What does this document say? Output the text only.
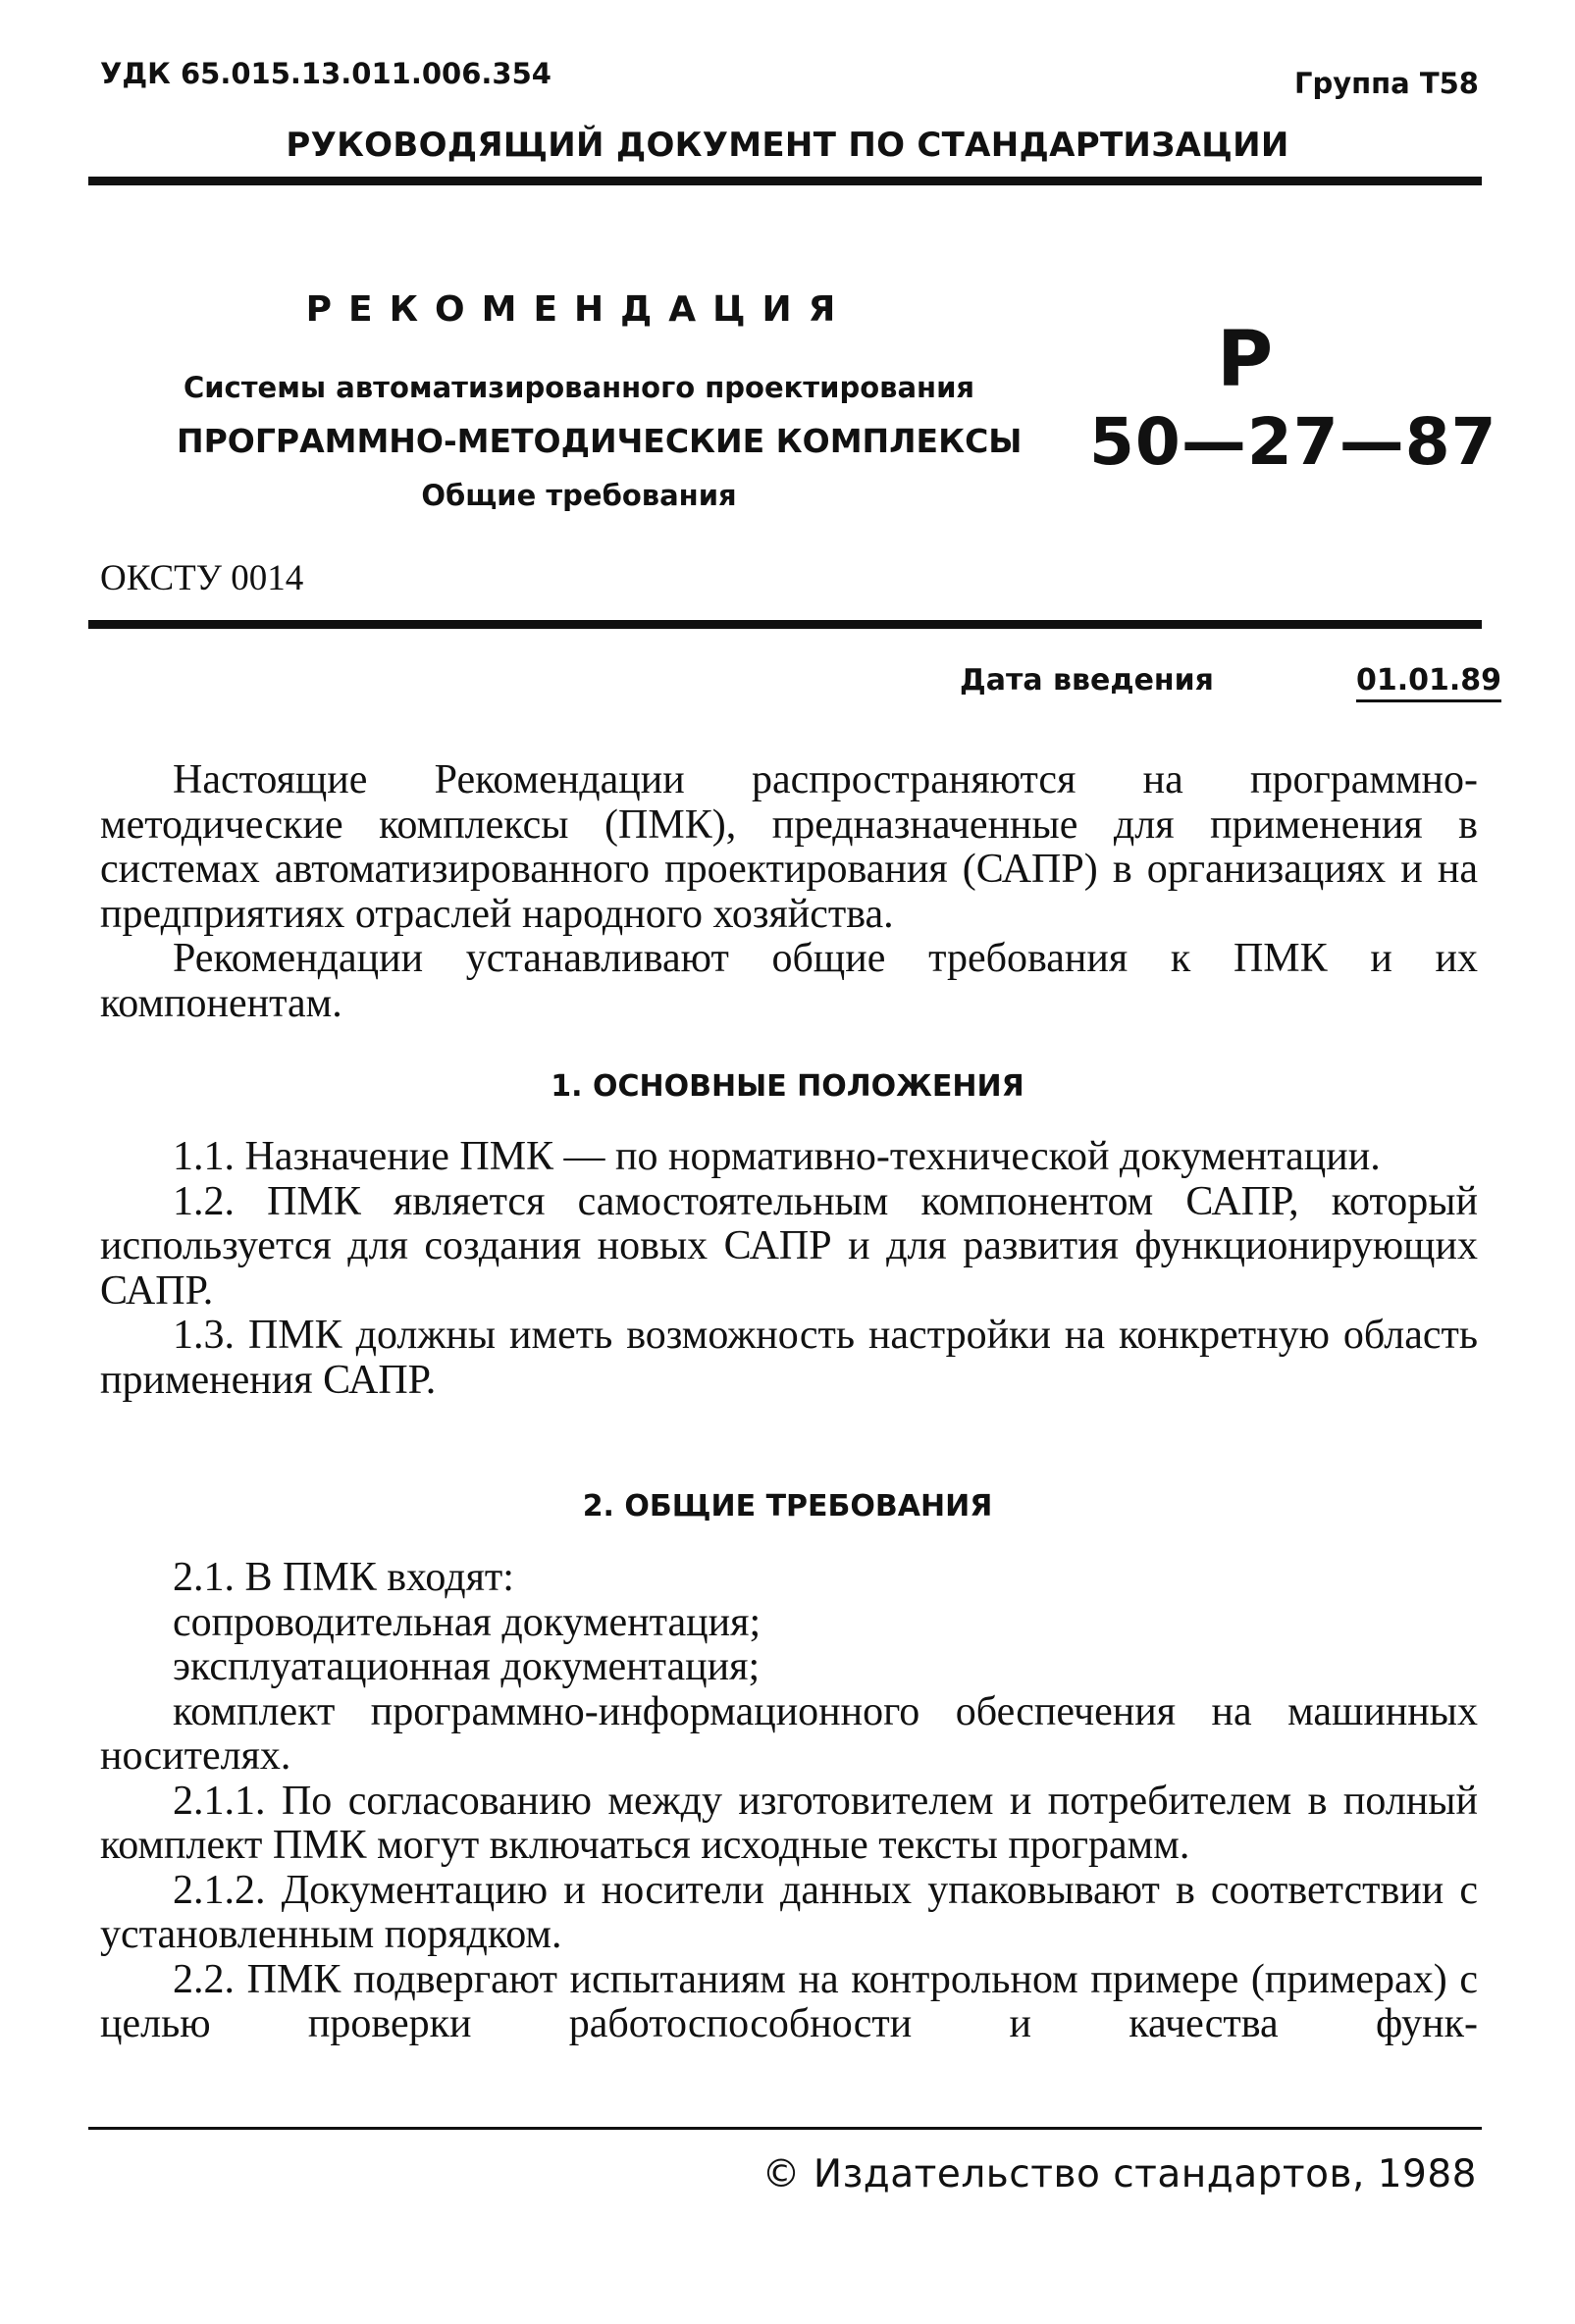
УДК 65.015.13.011.006.354	Группа Т58
РУКОВОДЯЩИЙ ДОКУМЕНТ ПО СТАНДАРТИЗАЦИИ
РЕКОМЕНДАЦИЯ
Системы автоматизированного проектирования
ПРОГРАММНО-МЕТОДИЧЕСКИЕ КОМПЛЕКСЫ
Общие требования
Р
50—27—87
ОКСТУ 0014
Дата введения	01.01.89

Настоящие Рекомендации распространяются на программно-методические комплексы (ПМК), предназначенные для применения в системах автоматизированного проектирования (САПР) в организациях и на предприятиях отраслей народного хозяйства.

Рекомендации устанавливают общие требования к ПМК и их компонентам.

1. ОСНОВНЫЕ ПОЛОЖЕНИЯ

1.1. Назначение ПМК — по нормативно-технической документации.

1.2. ПМК является самостоятельным компонентом САПР, который используется для создания новых САПР и для развития функционирующих САПР.

1.3. ПМК должны иметь возможность настройки на конкретную область применения САПР.

2. ОБЩИЕ ТРЕБОВАНИЯ

2.1. В ПМК входят:

сопроводительная документация;

эксплуатационная документация;

комплект программно-информационного обеспечения на машинных носителях.

2.1.1. По согласованию между изготовителем и потребителем в полный комплект ПМК могут включаться исходные тексты программ.

2.1.2. Документацию и носители данных упаковывают в соответствии с установленным порядком.

2.2. ПМК подвергают испытаниям на контрольном примере (примерах) с целью проверки работоспособности и качества функ-

© Издательство стандартов, 1988
